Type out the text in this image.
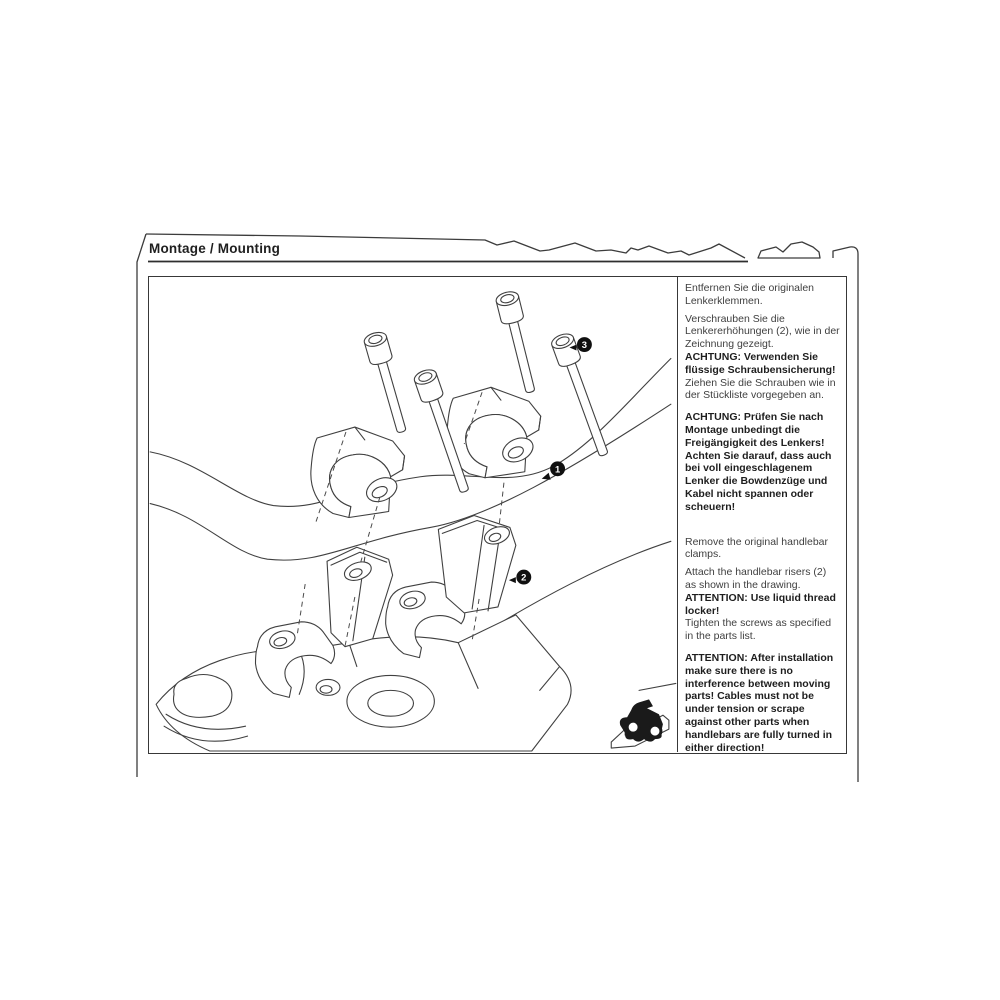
Montage / Mounting
1
2
3

Entfernen Sie die originalen Lenkerklemmen.

Verschrauben Sie die Lenkererhöhungen (2), wie in der Zeichnung gezeigt.

ACHTUNG: Verwenden Sie flüssige Schraubensicherung!

Ziehen Sie die Schrauben wie in der Stückliste vorgegeben an.

ACHTUNG: Prüfen Sie nach Montage unbedingt die Freigängigkeit des Lenkers! Achten Sie darauf, dass auch bei voll eingeschlagenem Lenker die Bowdenzüge und Kabel nicht spannen oder scheuern!

Remove the original handlebar clamps.

Attach the handlebar risers (2) as shown in the drawing.

ATTENTION: Use liquid thread locker!

Tighten the screws as specified in the parts list.

ATTENTION: After installation make sure there is no interference between moving parts! Cables must not be under tension or scrape against other parts when handlebars are fully turned in either direction!
